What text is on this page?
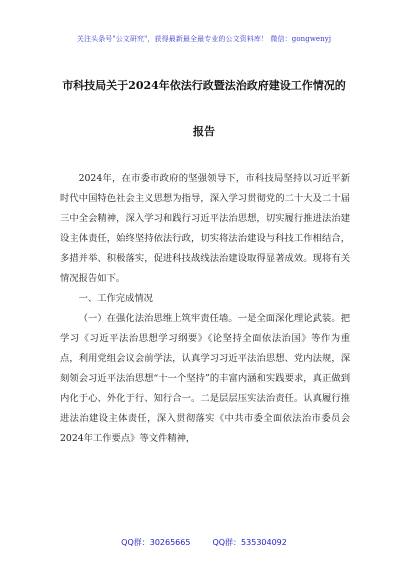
关注头条号"公文研究"，获得最新最全最专业的公文资料库！ 微信：gongwenyj
市科技局关于2024年依法行政暨法治政府建设工作情况的
报告

2024年，在市委市政府的坚强领导下，市科技局坚持以习近平新时代中国特色社会主义思想为指导，深入学习贯彻党的二十大及二十届三中全会精神，深入学习和践行习近平法治思想，切实履行推进法治建设主体责任，始终坚持依法行政，切实将法治建设与科技工作相结合，多措并举、积极落实，促进科技战线法治建设取得显著成效。现将有关情况报告如下。

一、工作完成情况

（一）在强化法治思维上筑牢责任墙。一是全面深化理论武装。把学习《习近平法治思想学习纲要》《论坚持全面依法治国》等作为重点，利用党组会议会前学法，认真学习习近平法治思想、党内法规，深刻领会习近平法治思想“十一个坚持”的丰富内涵和实践要求，真正做到内化于心、外化于行、知行合一。二是层层压实法治责任。认真履行推进法治建设主体责任，深入贯彻落实《中共市委全面依法治市委员会2024年工作要点》等文件精神，

QQ群：30265665	QQ群：535304092
